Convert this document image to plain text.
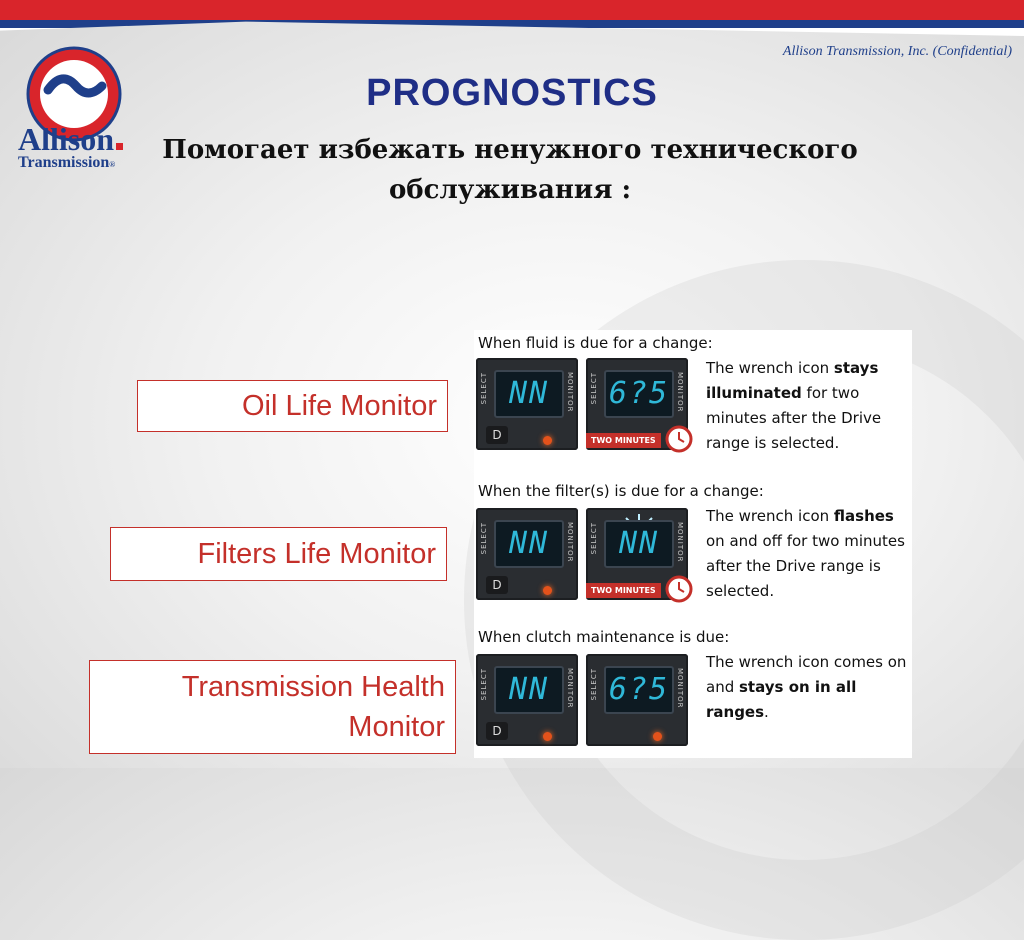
Allison
Transmission®
Allison Transmission, Inc. (Confidential)
PROGNOSTICS
Помогает избежать ненужного технического обслуживания :
Oil Life Monitor
Filters Life Monitor
Transmission Health Monitor
When fluid is due for a change:
SELECT NN	MONITOR
D
SELECT 6?5 MONITOR
TWO MINUTES
The wrench icon stays illuminated for two minutes after the Drive range is selected.
When the filter(s) is due for a change:
SELECT NN	MONITOR
D
SELECT NN	MONITOR
TWO MINUTES
The wrench icon flashes on and off for two minutes after the Drive range is selected.
When clutch maintenance is due:
SELECT NN	MONITOR
D
SELECT 6?5 MONITOR
The wrench icon comes on and stays on in all ranges.
